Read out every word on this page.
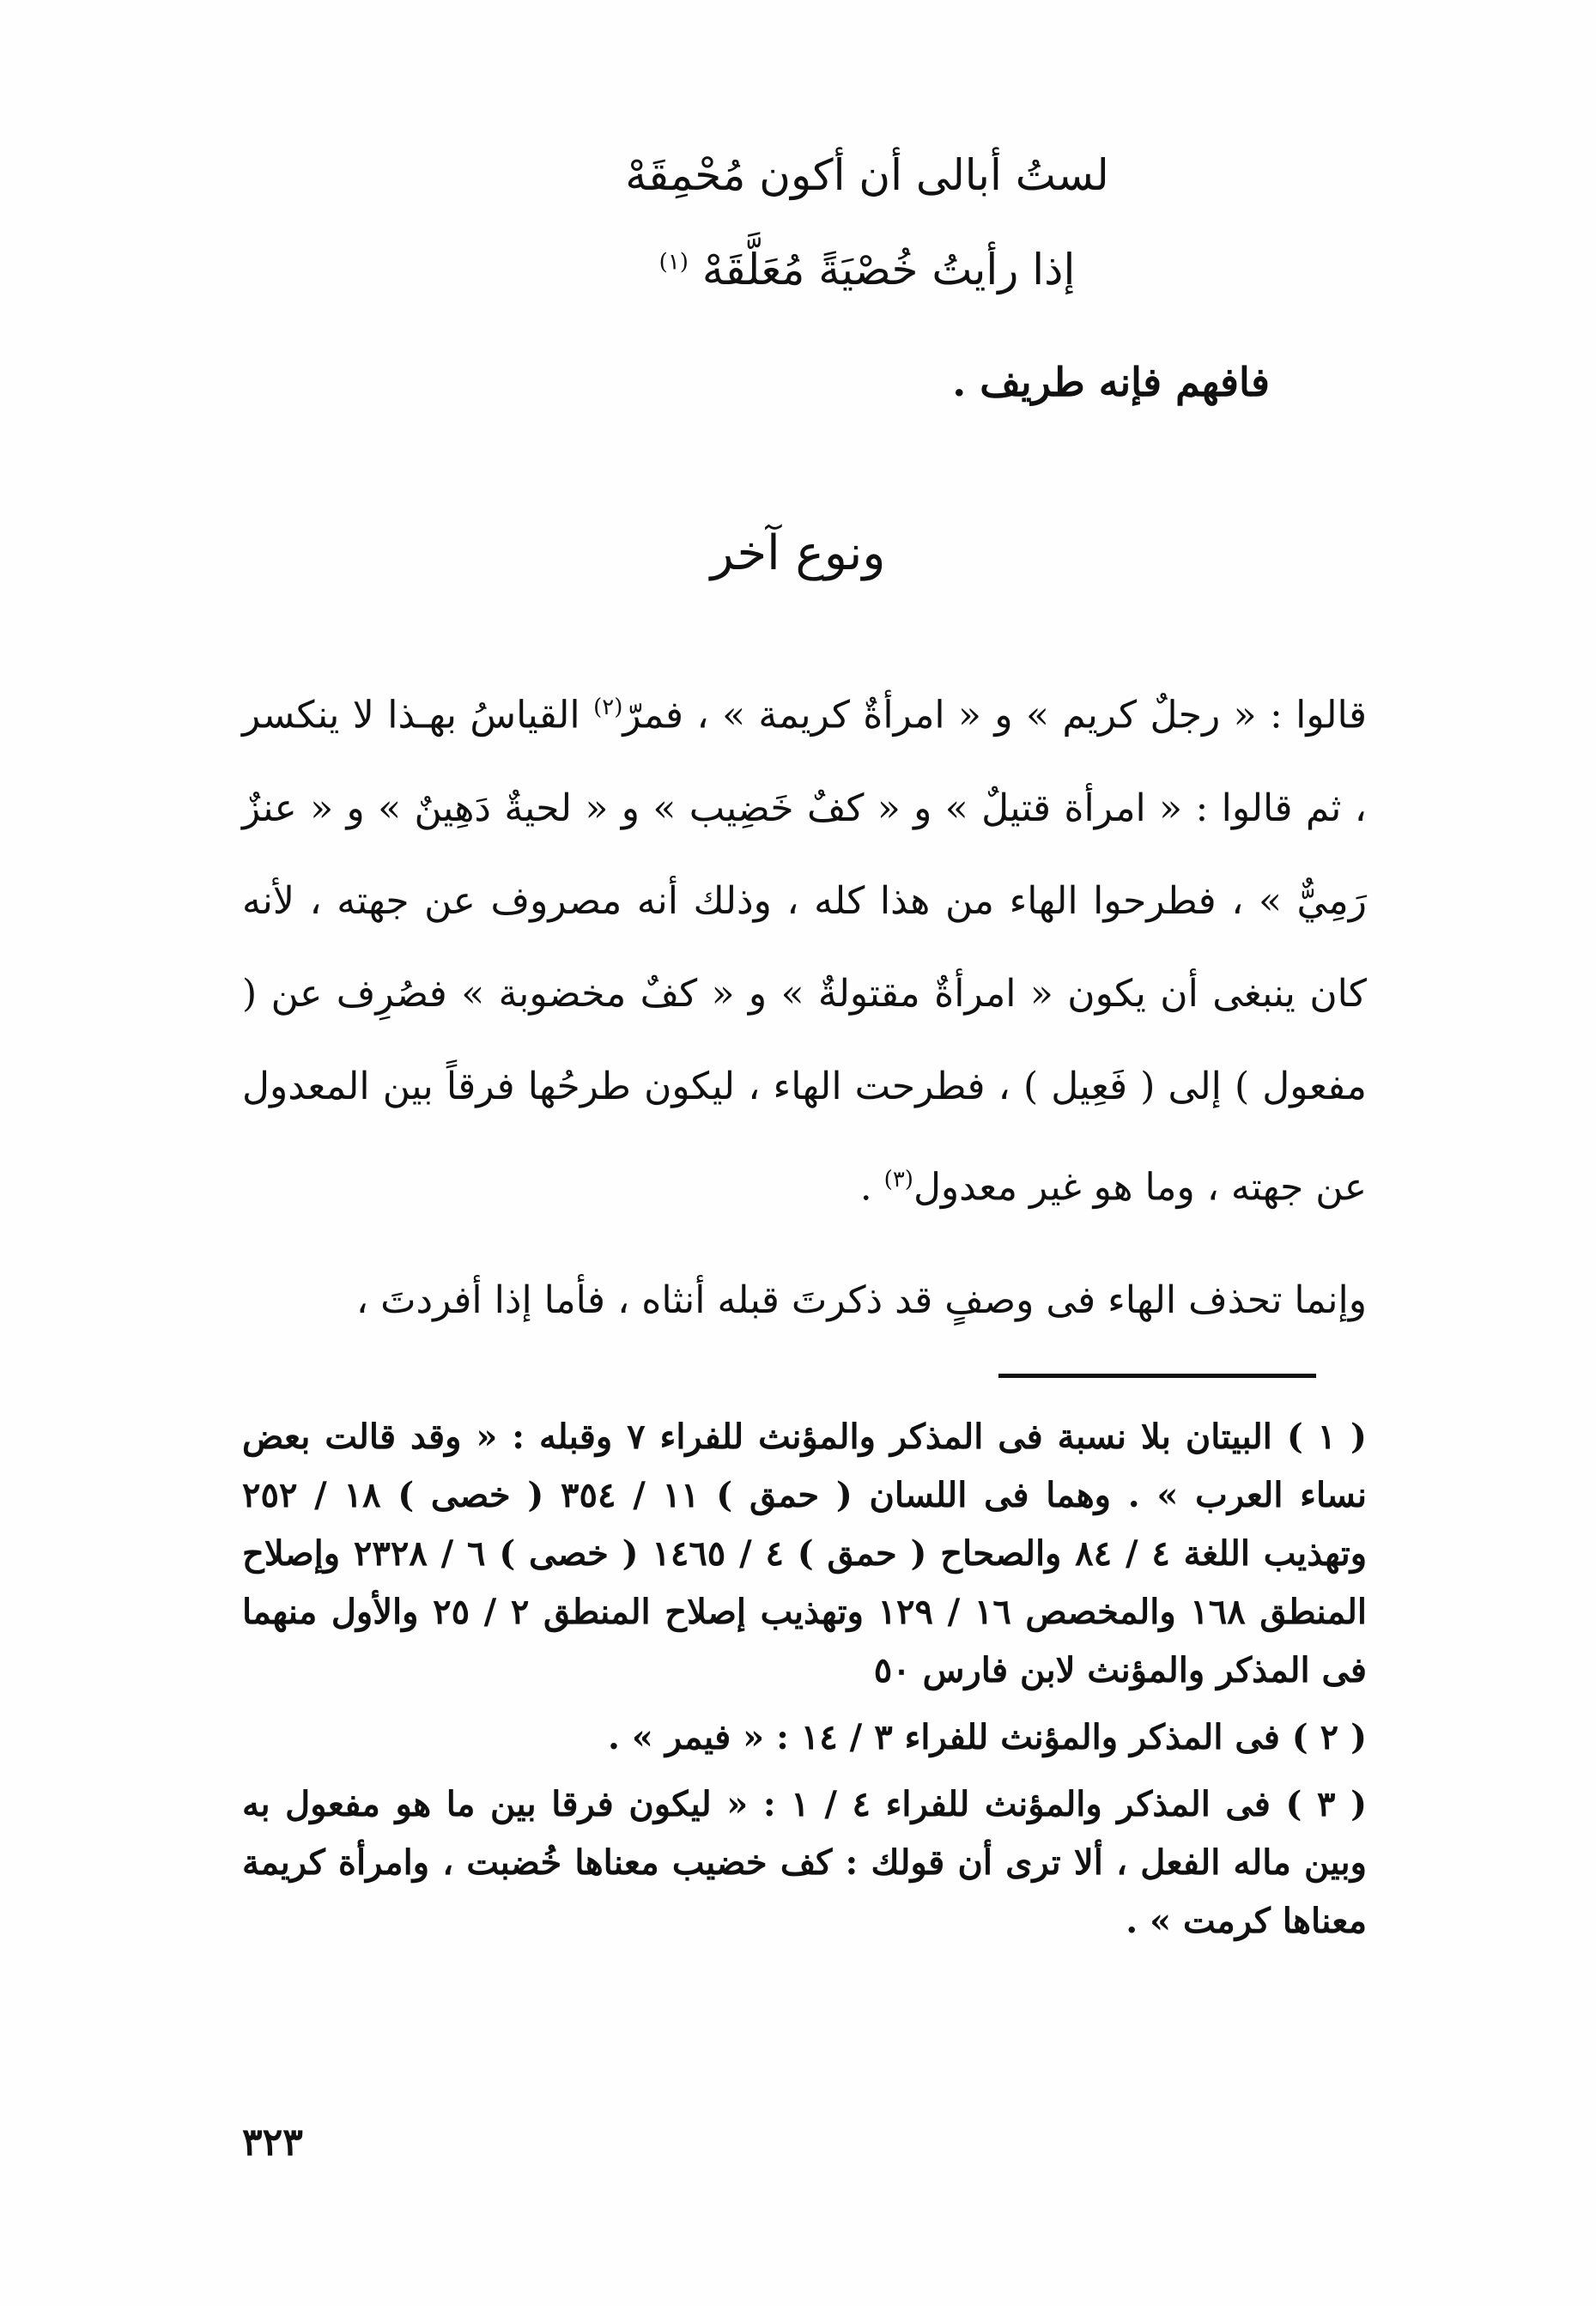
لستُ أبالى أن أكون مُحْمِقَهْ
إذا رأيتُ خُصْيَةً مُعَلَّقَهْ $^{(١)}$
فافهم فإنه طريف .
ونوع آخر

قالوا : « رجلٌ كريم » و « امرأةٌ كريمة » ، فمرّ$^{(٢)}$ القياسُ بهـذا لا ينكسر ، ثم قالوا : « امرأة قتيلٌ » و « كفٌ خَضِيب » و « لحيةٌ دَهِينٌ » و « عنزٌ رَمِيٌّ » ، فطرحوا الهاء من هذا كله ، وذلك أنه مصروف عن جهته ، لأنه كان ينبغى أن يكون « امرأةٌ مقتولةٌ » و « كفٌ مخضوبة » فصُرِف عن ( مفعول ) إلى ( فَعِيل ) ، فطرحت الهاء ، ليكون طرحُها فرقاً بين المعدول عن جهته ، وما هو غير معدول$^{(٣)}$ .

وإنما تحذف الهاء فى وصفٍ قد ذكرتَ قبله أنثاه ، فأما إذا أفردتَ ،

( ١ ) البيتان بلا نسبة فى المذكر والمؤنث للفراء ٧ وقبله : « وقد قالت بعض نساء العرب » . وهما فى اللسان ( حمق ) ١١ / ٣٥٤ ( خصى ) ١٨ / ٢٥٢ وتهذيب اللغة ٤ / ٨٤ والصحاح ( حمق ) ٤ / ١٤٦٥ ( خصى ) ٦ / ٢٣٢٨ وإصلاح المنطق ١٦٨ والمخصص ١٦ / ١٢٩ وتهذيب إصلاح المنطق ٢ / ٢٥ والأول منهما فى المذكر والمؤنث لابن فارس ٥٠

( ٢ ) فى المذكر والمؤنث للفراء ٣ / ١٤ : « فيمر » .

( ٣ ) فى المذكر والمؤنث للفراء ٤ / ١ : « ليكون فرقا بين ما هو مفعول به وبين ماله الفعل ، ألا ترى أن قولك : كف خضيب معناها خُضبت ، وامرأة كريمة معناها كرمت » .

٣٢٣
